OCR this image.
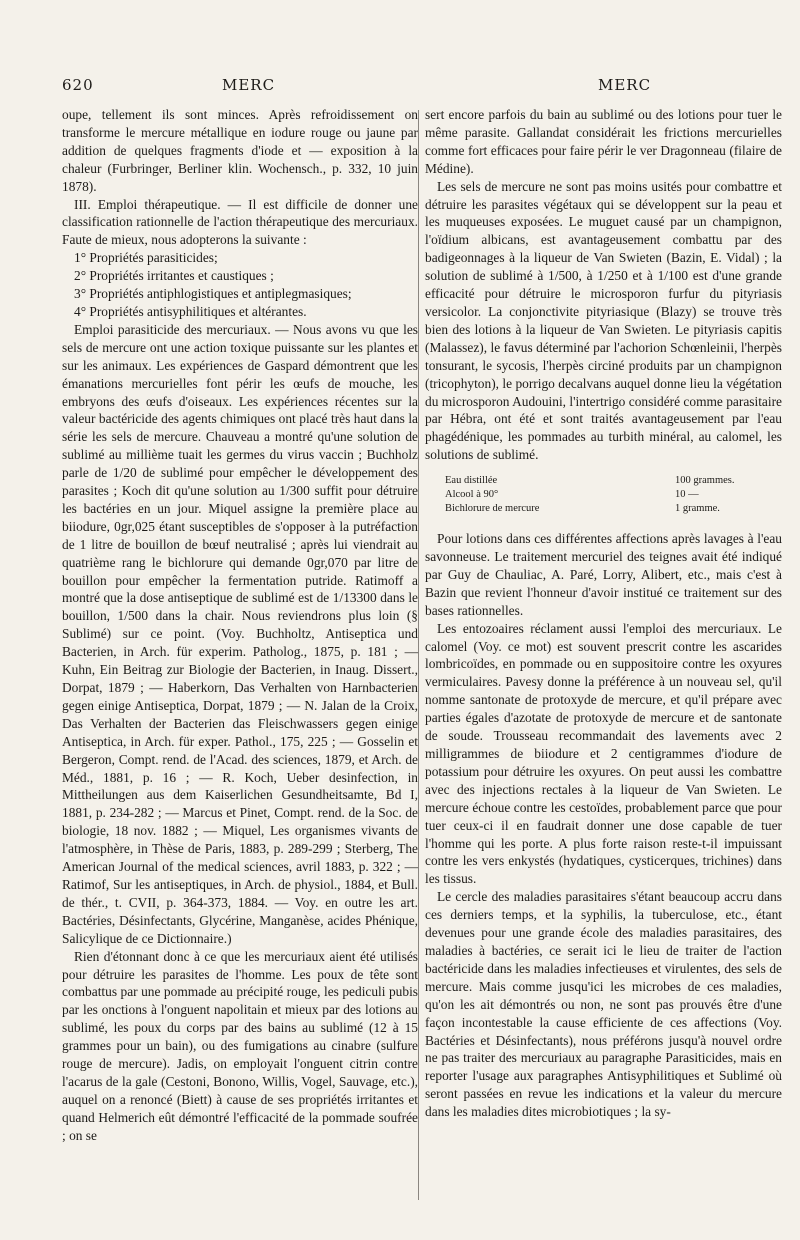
620	MERC	MERC

oupe, tellement ils sont minces. Après refroidissement on transforme le mercure métallique en iodure rouge ou jaune par addition de quelques fragments d'iode et — exposition à la chaleur (Furbringer, Berliner klin. Wochensch., p. 332, 10 juin 1878).

III. Emploi thérapeutique. — Il est difficile de donner une classification rationnelle de l'action thérapeutique des mercuriaux. Faute de mieux, nous adopterons la suivante :

1° Propriétés parasiticides;

2° Propriétés irritantes et caustiques ;

3° Propriétés antiphlogistiques et antiplegmasiques;

4° Propriétés antisyphilitiques et altérantes.

Emploi parasiticide des mercuriaux. — Nous avons vu que les sels de mercure ont une action toxique puissante sur les plantes et sur les animaux. Les expériences de Gaspard démontrent que les émanations mercurielles font périr les œufs de mouche, les embryons des œufs d'oiseaux. Les expériences récentes sur la valeur bactéricide des agents chimiques ont placé très haut dans la série les sels de mercure. Chauveau a montré qu'une solution de sublimé au millième tuait les germes du virus vaccin ; Buchholz parle de 1/20 de sublimé pour empêcher le développement des parasites ; Koch dit qu'une solution au 1/300 suffit pour détruire les bactéries en un jour. Miquel assigne la première place au biiodure, 0gr,025 étant susceptibles de s'opposer à la putréfaction de 1 litre de bouillon de bœuf neutralisé ; après lui viendrait au quatrième rang le bichlorure qui demande 0gr,070 par litre de bouillon pour empêcher la fermentation putride. Ratimoff a montré que la dose antiseptique de sublimé est de 1/13300 dans le bouillon, 1/500 dans la chair. Nous reviendrons plus loin (§ Sublimé) sur ce point. (Voy. Buchholtz, Antiseptica und Bacterien, in Arch. für experim. Patholog., 1875, p. 181 ; — Kuhn, Ein Beitrag zur Biologie der Bacterien, in Inaug. Dissert., Dorpat, 1879 ; — Haberkorn, Das Verhalten von Harnbacterien gegen einige Antiseptica, Dorpat, 1879 ; — N. Jalan de la Croix, Das Verhalten der Bacterien das Fleischwassers gegen einige Antiseptica, in Arch. für exper. Pathol., 175, 225 ; — Gosselin et Bergeron, Compt. rend. de l'Acad. des sciences, 1879, et Arch. de Méd., 1881, p. 16 ; — R. Koch, Ueber desinfection, in Mittheilungen aus dem Kaiserlichen Gesundheitsamte, Bd I, 1881, p. 234-282 ; — Marcus et Pinet, Compt. rend. de la Soc. de biologie, 18 nov. 1882 ; — Miquel, Les organismes vivants de l'atmosphère, in Thèse de Paris, 1883, p. 289-299 ; Sterberg, The American Journal of the medical sciences, avril 1883, p. 322 ; — Ratimof, Sur les antiseptiques, in Arch. de physiol., 1884, et Bull. de thér., t. CVII, p. 364-373, 1884. — Voy. en outre les art. Bactéries, Désinfectants, Glycérine, Manganèse, acides Phénique, Salicylique de ce Dictionnaire.)

Rien d'étonnant donc à ce que les mercuriaux aient été utilisés pour détruire les parasites de l'homme. Les poux de tête sont combattus par une pommade au précipité rouge, les pediculi pubis par les onctions à l'onguent napolitain et mieux par des lotions au sublimé, les poux du corps par des bains au sublimé (12 à 15 grammes pour un bain), ou des fumigations au cinabre (sulfure rouge de mercure). Jadis, on employait l'onguent citrin contre l'acarus de la gale (Cestoni, Bonono, Willis, Vogel, Sauvage, etc.), auquel on a renoncé (Biett) à cause de ses propriétés irritantes et quand Helmerich eût démontré l'efficacité de la pommade soufrée ; on se

sert encore parfois du bain au sublimé ou des lotions pour tuer le même parasite. Gallandat considérait les frictions mercurielles comme fort efficaces pour faire périr le ver Dragonneau (filaire de Médine).

Les sels de mercure ne sont pas moins usités pour combattre et détruire les parasites végétaux qui se développent sur la peau et les muqueuses exposées. Le muguet causé par un champignon, l'oïdium albicans, est avantageusement combattu par des badigeonnages à la liqueur de Van Swieten (Bazin, E. Vidal) ; la solution de sublimé à 1/500, à 1/250 et à 1/100 est d'une grande efficacité pour détruire le microsporon furfur du pityriasis versicolor. La conjonctivite pityriasique (Blazy) se trouve très bien des lotions à la liqueur de Van Swieten. Le pityriasis capitis (Malassez), le favus déterminé par l'achorion Schœnleinii, l'herpès tonsurant, le sycosis, l'herpès circiné produits par un champignon (tricophyton), le porrigo decalvans auquel donne lieu la végétation du microsporon Audouini, l'intertrigo considéré comme parasitaire par Hébra, ont été et sont traités avantageusement par l'eau phagédénique, les pommades au turbith minéral, au calomel, les solutions de sublimé.

Eau distillée	100 grammes.
Alcool à 90°	10 —
Bichlorure de mercure	1 gramme.

Pour lotions dans ces différentes affections après lavages à l'eau savonneuse. Le traitement mercuriel des teignes avait été indiqué par Guy de Chauliac, A. Paré, Lorry, Alibert, etc., mais c'est à Bazin que revient l'honneur d'avoir institué ce traitement sur des bases rationnelles.

Les entozoaires réclament aussi l'emploi des mercuriaux. Le calomel (Voy. ce mot) est souvent prescrit contre les ascarides lombricoïdes, en pommade ou en suppositoire contre les oxyures vermiculaires. Pavesy donne la préférence à un nouveau sel, qu'il nomme santonate de protoxyde de mercure, et qu'il prépare avec parties égales d'azotate de protoxyde de mercure et de santonate de soude. Trousseau recommandait des lavements avec 2 milligrammes de biiodure et 2 centigrammes d'iodure de potassium pour détruire les oxyures. On peut aussi les combattre avec des injections rectales à la liqueur de Van Swieten. Le mercure échoue contre les cestoïdes, probablement parce que pour tuer ceux-ci il en faudrait donner une dose capable de tuer l'homme qui les porte. A plus forte raison reste-t-il impuissant contre les vers enkystés (hydatiques, cysticerques, trichines) dans les tissus.

Le cercle des maladies parasitaires s'étant beaucoup accru dans ces derniers temps, et la syphilis, la tuberculose, etc., étant devenues pour une grande école des maladies parasitaires, des maladies à bactéries, ce serait ici le lieu de traiter de l'action bactéricide dans les maladies infectieuses et virulentes, des sels de mercure. Mais comme jusqu'ici les microbes de ces maladies, qu'on les ait démontrés ou non, ne sont pas prouvés être d'une façon incontestable la cause efficiente de ces affections (Voy. Bactéries et Désinfectants), nous préférons jusqu'à nouvel ordre ne pas traiter des mercuriaux au paragraphe Parasiticides, mais en reporter l'usage aux paragraphes Antisyphilitiques et Sublimé où seront passées en revue les indications et la valeur du mercure dans les maladies dites microbiotiques ; la sy-
